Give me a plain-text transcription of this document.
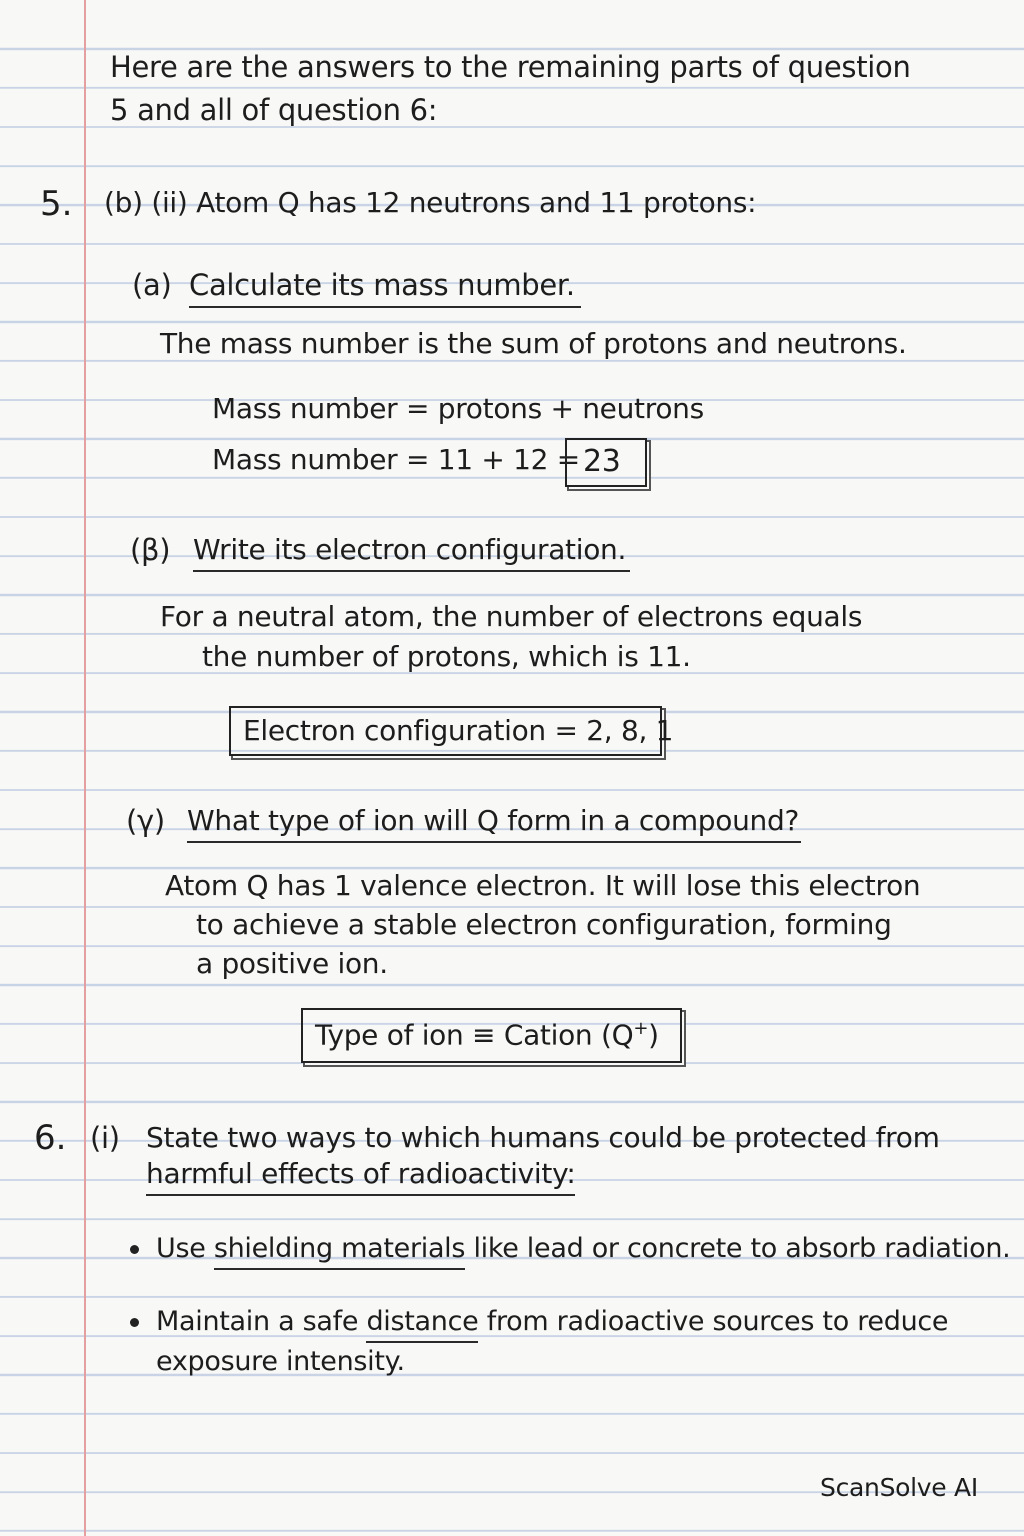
Here are the answers to the remaining parts of question
5 and all of question 6:
5. (b) (ii) Atom Q has 12 neutrons and 11 protons:
(a) Calculate its mass number.
The mass number is the sum of protons and neutrons.
Mass number = protons + neutrons
Mass number = 11 + 12 = 23
(β) Write its electron configuration.
For a neutral atom, the number of electrons equals
the number of protons, which is 11.
Electron configuration = 2, 8, 1
(γ) What type of ion will Q form in a compound?
Atom Q has 1 valence electron. It will lose this electron
to achieve a stable electron configuration, forming
a positive ion.
Type of ion ≡ Cation (Q+)
6. (i) State two ways to which humans could be protected from
harmful effects of radioactivity:
Use shielding materials like lead or concrete to absorb radiation.
Maintain a safe distance from radioactive sources to reduce
exposure intensity.
ScanSolve AI
